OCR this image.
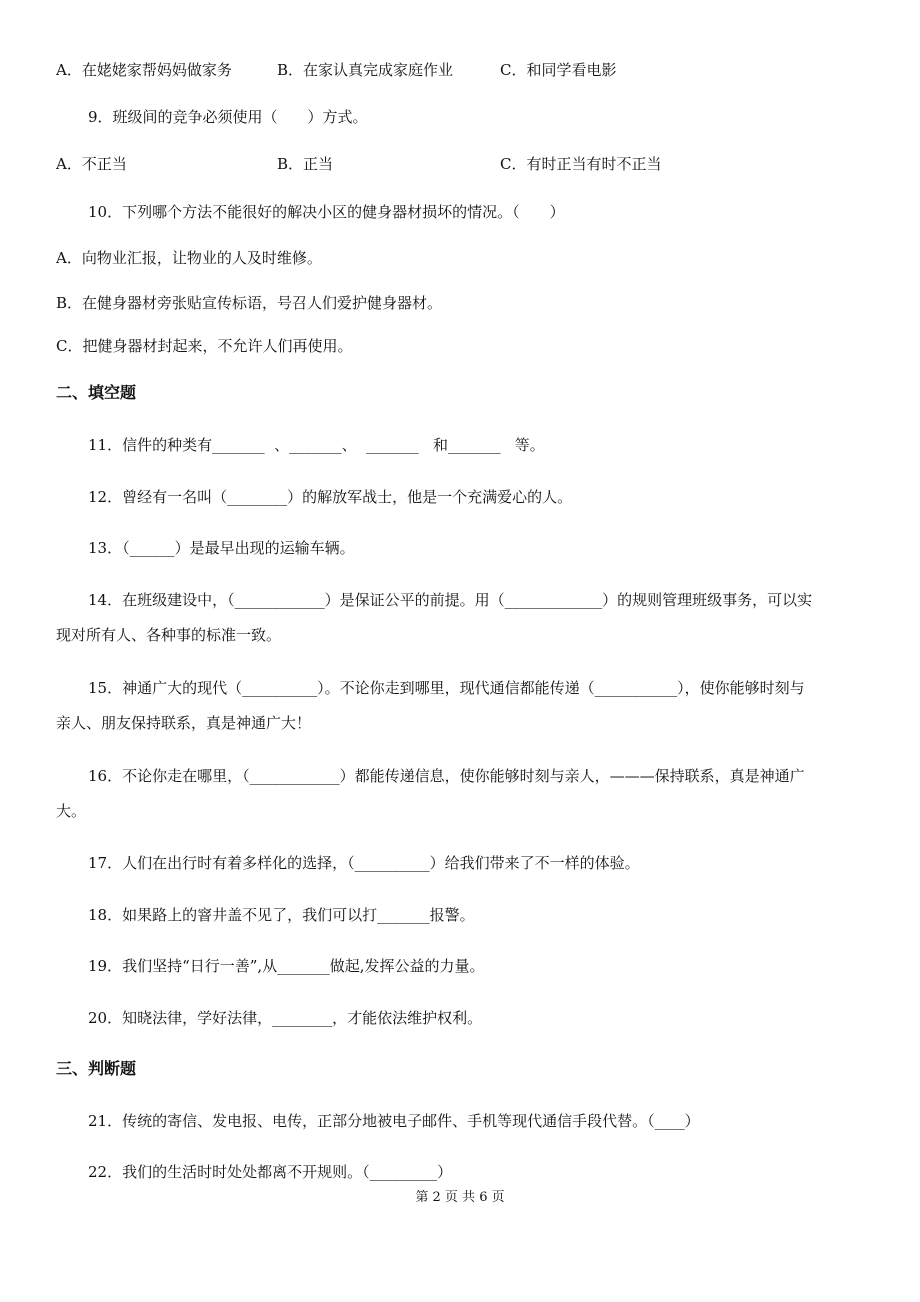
A．在姥姥家帮妈妈做家务	B．在家认真完成家庭作业	C．和同学看电影
9．班级间的竞争必须使用（　　）方式。
A．不正当	B．正当	C．有时正当有时不正当
10．下列哪个方法不能很好的解决小区的健身器材损坏的情况。（　　）
A．向物业汇报，让物业的人及时维修。
B．在健身器材旁张贴宣传标语，号召人们爱护健身器材。
C．把健身器材封起来，不允许人们再使用。
二、填空题
11．信件的种类有_______  、_______、  _______   和_______   等。
12．曾经有一名叫（________）的解放军战士，他是一个充满爱心的人。
13．（______）是最早出现的运输车辆。
14．在班级建设中，（____________）是保证公平的前提。用（_____________）的规则管理班级事务，可以实
现对所有人、各种事的标准一致。
15．神通广大的现代（__________）。不论你走到哪里，现代通信都能传递（___________），使你能够时刻与
亲人、朋友保持联系，真是神通广大！
16．不论你走在哪里，（____________）都能传递信息，使你能够时刻与亲人，———保持联系，真是神通广
大。
17．人们在出行时有着多样化的选择，（__________）给我们带来了不一样的体验。
18．如果路上的窨井盖不见了，我们可以打_______报警。
19．我们坚持“日行一善”,从_______做起,发挥公益的力量。
20．知晓法律，学好法律，________，才能依法维护权利。
三、判断题
21．传统的寄信、发电报、电传，正部分地被电子邮件、手机等现代通信手段代替。（____）
22．我们的生活时时处处都离不开规则。（_________）
第 2 页 共 6 页
